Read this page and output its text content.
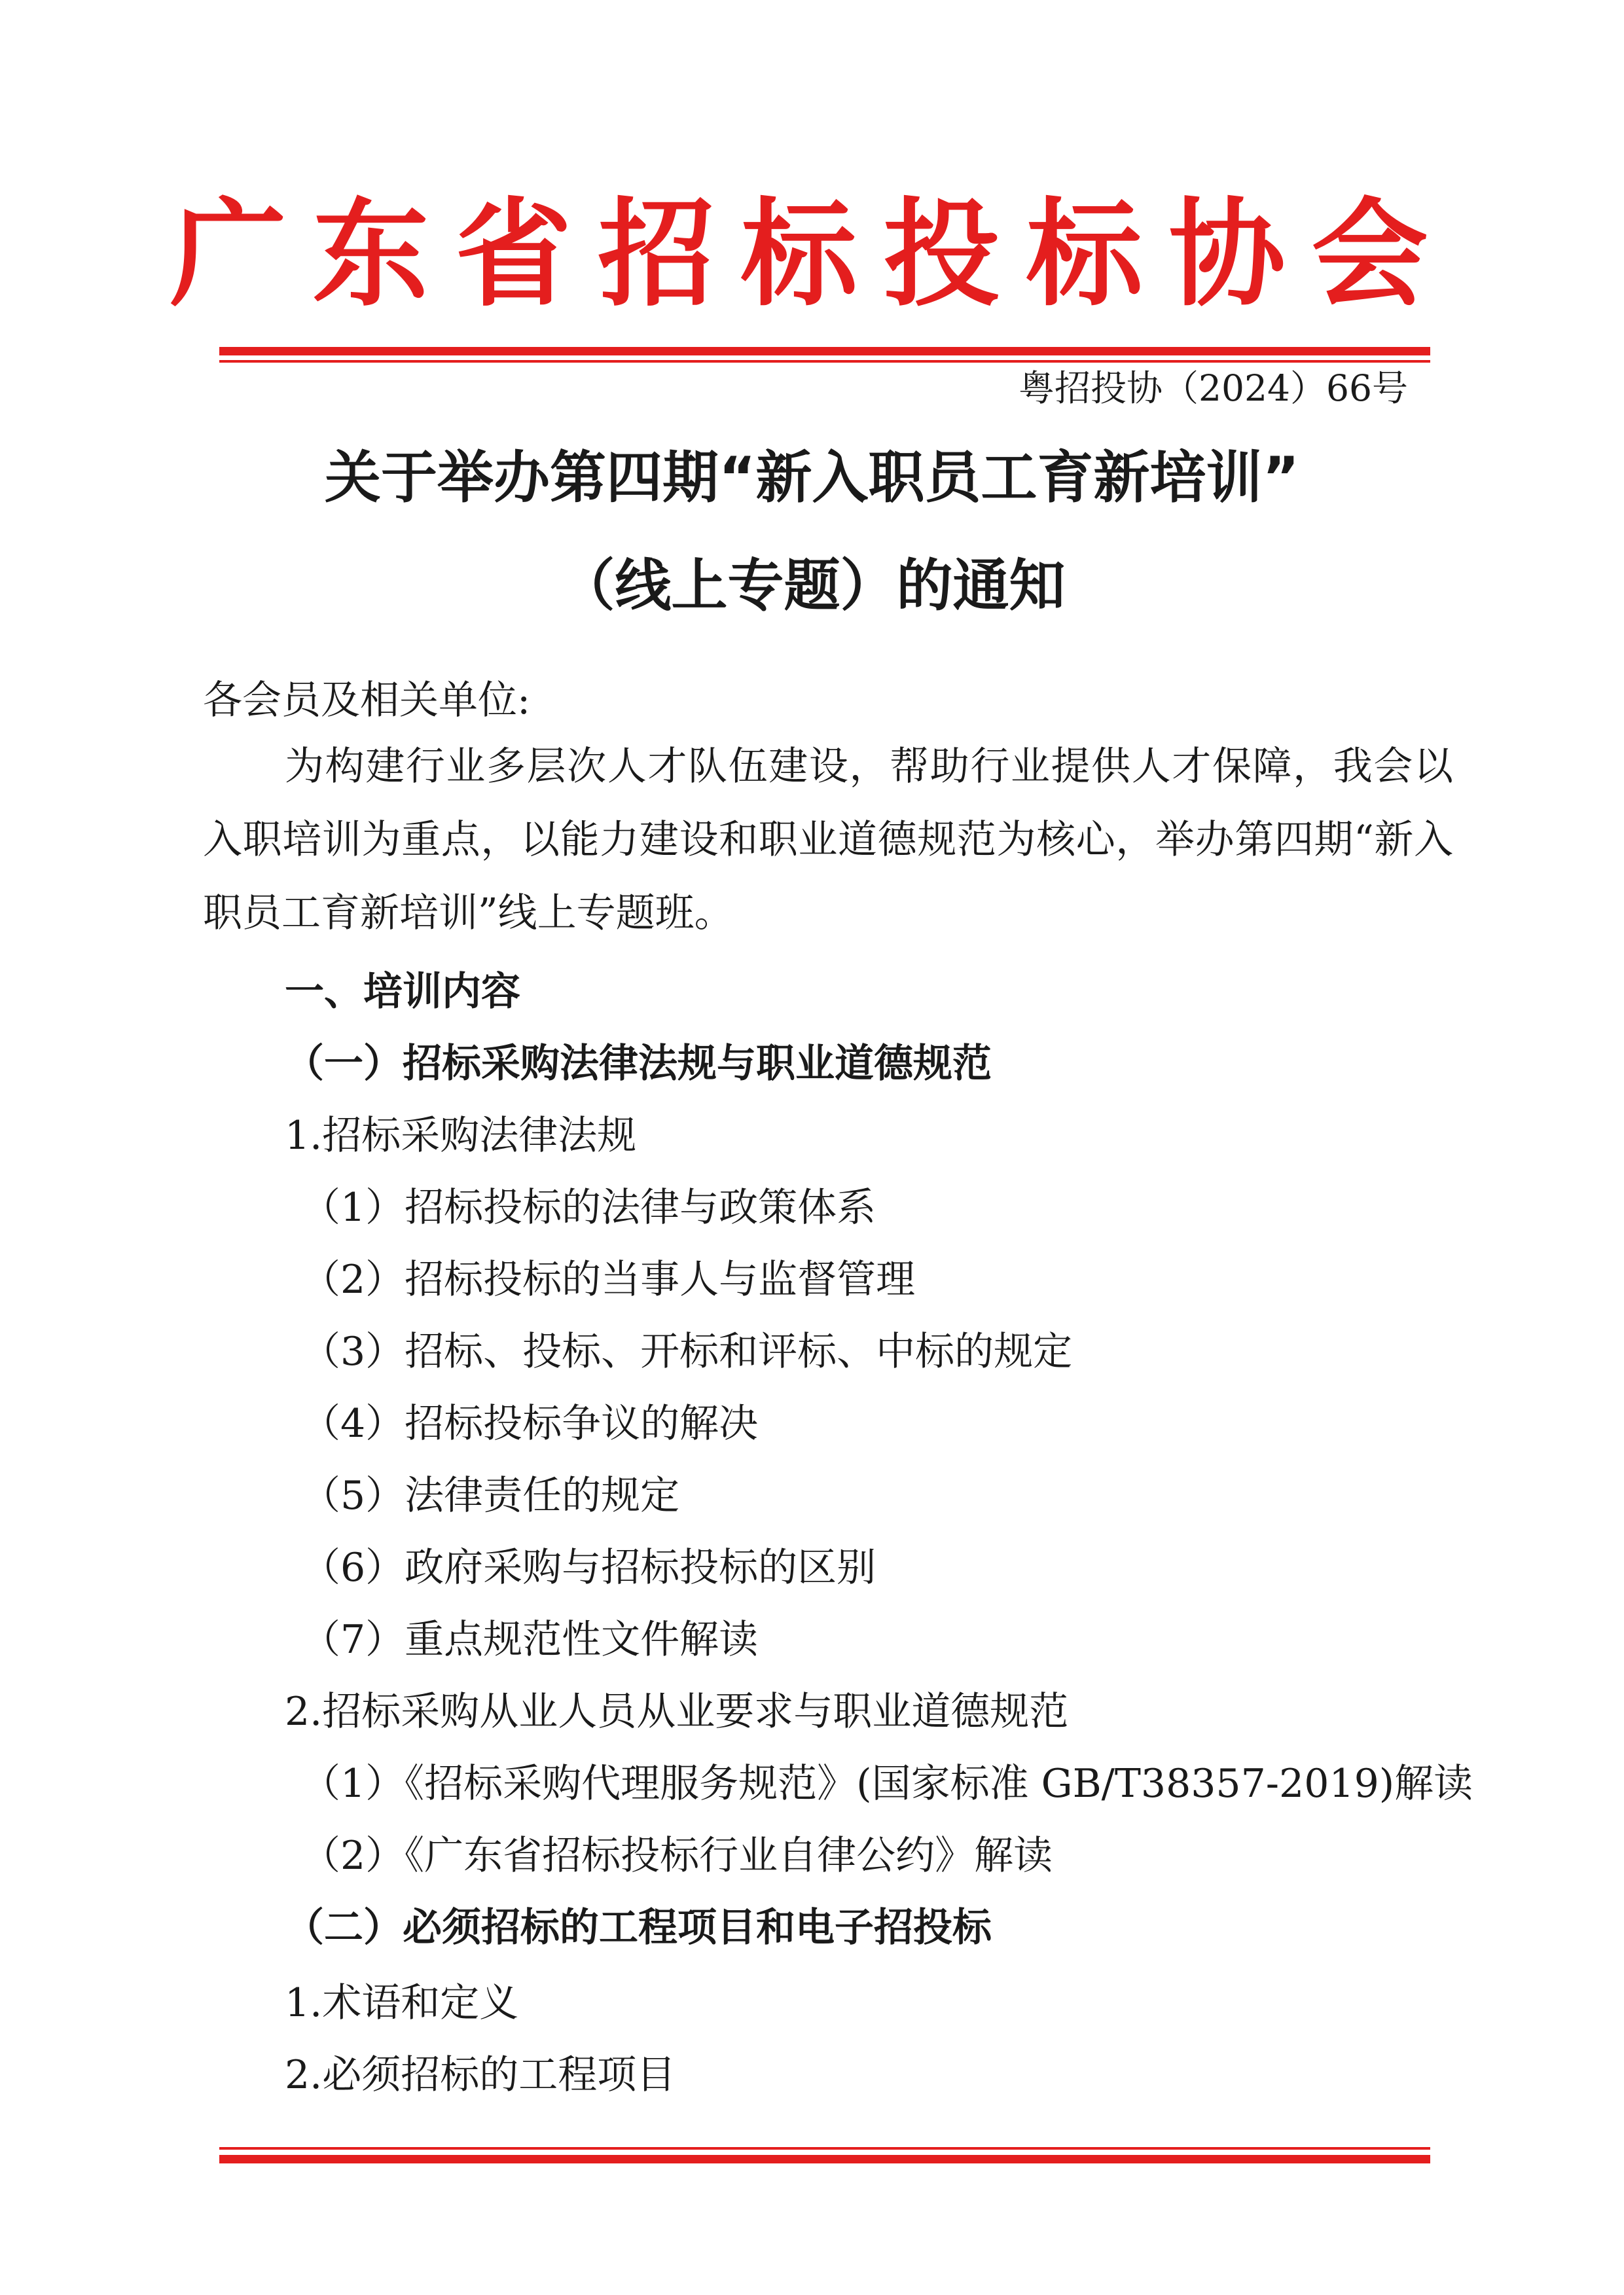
广东省招标投标协会
粤招投协（2024）66号
关于举办第四期“新入职员工育新培训”
（线上专题）的通知
各会员及相关单位:

为构建行业多层次人才队伍建设，帮助行业提供人才保障，我会以入职培训为重点，以能力建设和职业道德规范为核心，举办第四期“新入职员工育新培训”线上专题班。

一、培训内容
（一）招标采购法律法规与职业道德规范
1.招标采购法律法规
（1）招标投标的法律与政策体系
（2）招标投标的当事人与监督管理
（3）招标、投标、开标和评标、中标的规定
（4）招标投标争议的解决
（5）法律责任的规定
（6）政府采购与招标投标的区别
（7）重点规范性文件解读
2.招标采购从业人员从业要求与职业道德规范
（1）《招标采购代理服务规范》(国家标准 GB/T38357-2019)解读
（2）《广东省招标投标行业自律公约》解读
（二）必须招标的工程项目和电子招投标
1.术语和定义
2.必须招标的工程项目
